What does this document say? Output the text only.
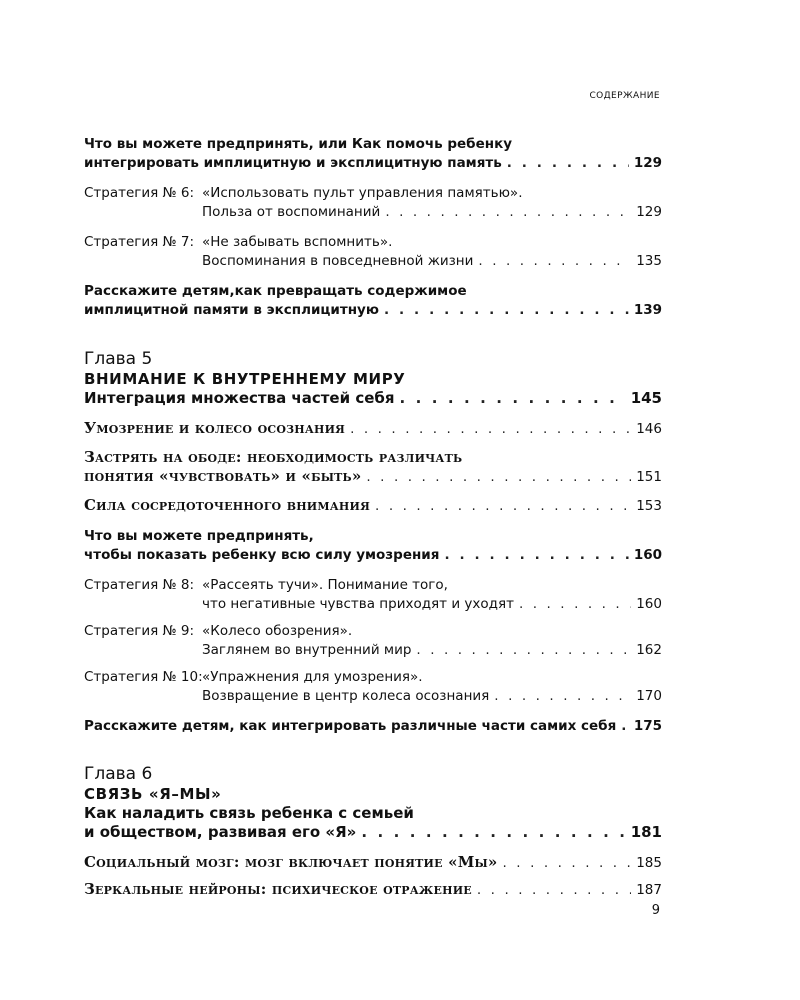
СОДЕРЖАНИЕ
Что вы можете предпринять, или Как помочь ребенку
интегрировать имплицитную и эксплицитную память . . .	129
Стратегия № 6: «Использовать пульт управления памятью».
Польза от воспоминаний . . .	129
Стратегия № 7: «Не забывать вспомнить».
Воспоминания в повседневной жизни . . .	135
Расскажите детям,как превращать содержимое
имплицитной памяти в эксплицитную . . .	139
Глава 5
ВНИМАНИЕ К ВНУТРЕННЕМУ МИРУ
Интеграция множества частей себя . . .	145
Умозрение и колесо осознания . . .	146
Застрять на ободе: необходимость различать
понятия «чувствовать» и «быть» . . .	151
Сила сосредоточенного внимания . . .	153
Что вы можете предпринять,
чтобы показать ребенку всю силу умозрения . . .	160
Стратегия № 8: «Рассеять тучи». Понимание того,
что негативные чувства приходят и уходят . . .	160
Стратегия № 9: «Колесо обозрения».
Заглянем во внутренний мир . . .	162
Стратегия № 10: «Упражнения для умозрения».
Возвращение в центр колеса осознания . . .	170
Расскажите детям, как интегрировать различные части самих себя . . . 175
Глава 6
СВЯЗЬ «Я–МЫ»
Как наладить связь ребенка с семьей
и обществом, развивая его «Я» . . .	181
Социальный мозг: мозг включает понятие «Мы» . . .	185
Зеркальные нейроны: психическое отражение . . .	187
9
